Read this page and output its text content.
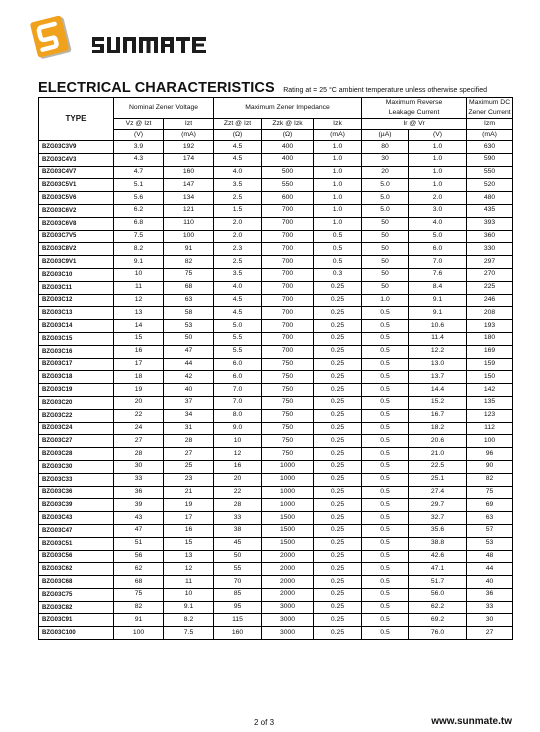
ELECTRICAL CHARACTERISTICS Rating at = 25 °C ambient temperature unless otherwise specified
TYPE	Nominal Zener Voltage		Maximum Zener Impedance			Maximum Reverse Leakage Current		Maximum DC Zener Current
	Vz @ Izt	Izt	Zzt @ Izt	Zzk @ Izk	Izk	Ir @ Vr		Izm
	(V)	(mA)	(Ω)	(Ω)	(mA)	(µA)	(V)	(mA)
BZG03C3V9	3.9	192	4.5	400	1.0	80	1.0	630
BZG03C4V3	4.3	174	4.5	400	1.0	30	1.0	590
BZG03C4V7	4.7	160	4.0	500	1.0	20	1.0	550
BZG03C5V1	5.1	147	3.5	550	1.0	5.0	1.0	520
BZG03C5V6	5.6	134	2.5	600	1.0	5.0	2.0	480
BZG03C6V2	6.2	121	1.5	700	1.0	5.0	3.0	435
BZG03C6V8	6.8	110	2.0	700	1.0	50	4.0	393
BZG03C7V5	7.5	100	2.0	700	0.5	50	5.0	360
BZG03C8V2	8.2	91	2.3	700	0.5	50	6.0	330
BZG03C9V1	9.1	82	2.5	700	0.5	50	7.0	297
BZG03C10	10	75	3.5	700	0.3	50	7.6	270
BZG03C11	11	68	4.0	700	0.25	50	8.4	225
BZG03C12	12	63	4.5	700	0.25	1.0	9.1	246
BZG03C13	13	58	4.5	700	0.25	0.5	9.1	208
BZG03C14	14	53	5.0	700	0.25	0.5	10.6	193
BZG03C15	15	50	5.5	700	0.25	0.5	11.4	180
BZG03C16	16	47	5.5	700	0.25	0.5	12.2	169
BZG03C17	17	44	6.0	750	0.25	0.5	13.0	159
BZG03C18	18	42	6.0	750	0.25	0.5	13.7	150
BZG03C19	19	40	7.0	750	0.25	0.5	14.4	142
BZG03C20	20	37	7.0	750	0.25	0.5	15.2	135
BZG03C22	22	34	8.0	750	0.25	0.5	16.7	123
BZG03C24	24	31	9.0	750	0.25	0.5	18.2	112
BZG03C27	27	28	10	750	0.25	0.5	20.6	100
BZG03C28	28	27	12	750	0.25	0.5	21.0	96
BZG03C30	30	25	16	1000	0.25	0.5	22.5	90
BZG03C33	33	23	20	1000	0.25	0.5	25.1	82
BZG03C36	36	21	22	1000	0.25	0.5	27.4	75
BZG03C39	39	19	28	1000	0.25	0.5	29.7	69
BZG03C43	43	17	33	1500	0.25	0.5	32.7	63
BZG03C47	47	16	38	1500	0.25	0.5	35.6	57
BZG03C51	51	15	45	1500	0.25	0.5	38.8	53
BZG03C56	56	13	50	2000	0.25	0.5	42.6	48
BZG03C62	62	12	55	2000	0.25	0.5	47.1	44
BZG03C68	68	11	70	2000	0.25	0.5	51.7	40
BZG03C75	75	10	85	2000	0.25	0.5	56.0	36
BZG03C82	82	9.1	95	3000	0.25	0.5	62.2	33
BZG03C91	91	8.2	115	3000	0.25	0.5	69.2	30
BZG03C100	100	7.5	160	3000	0.25	0.5	76.0	27
2 of 3	www.sunmate.tw
